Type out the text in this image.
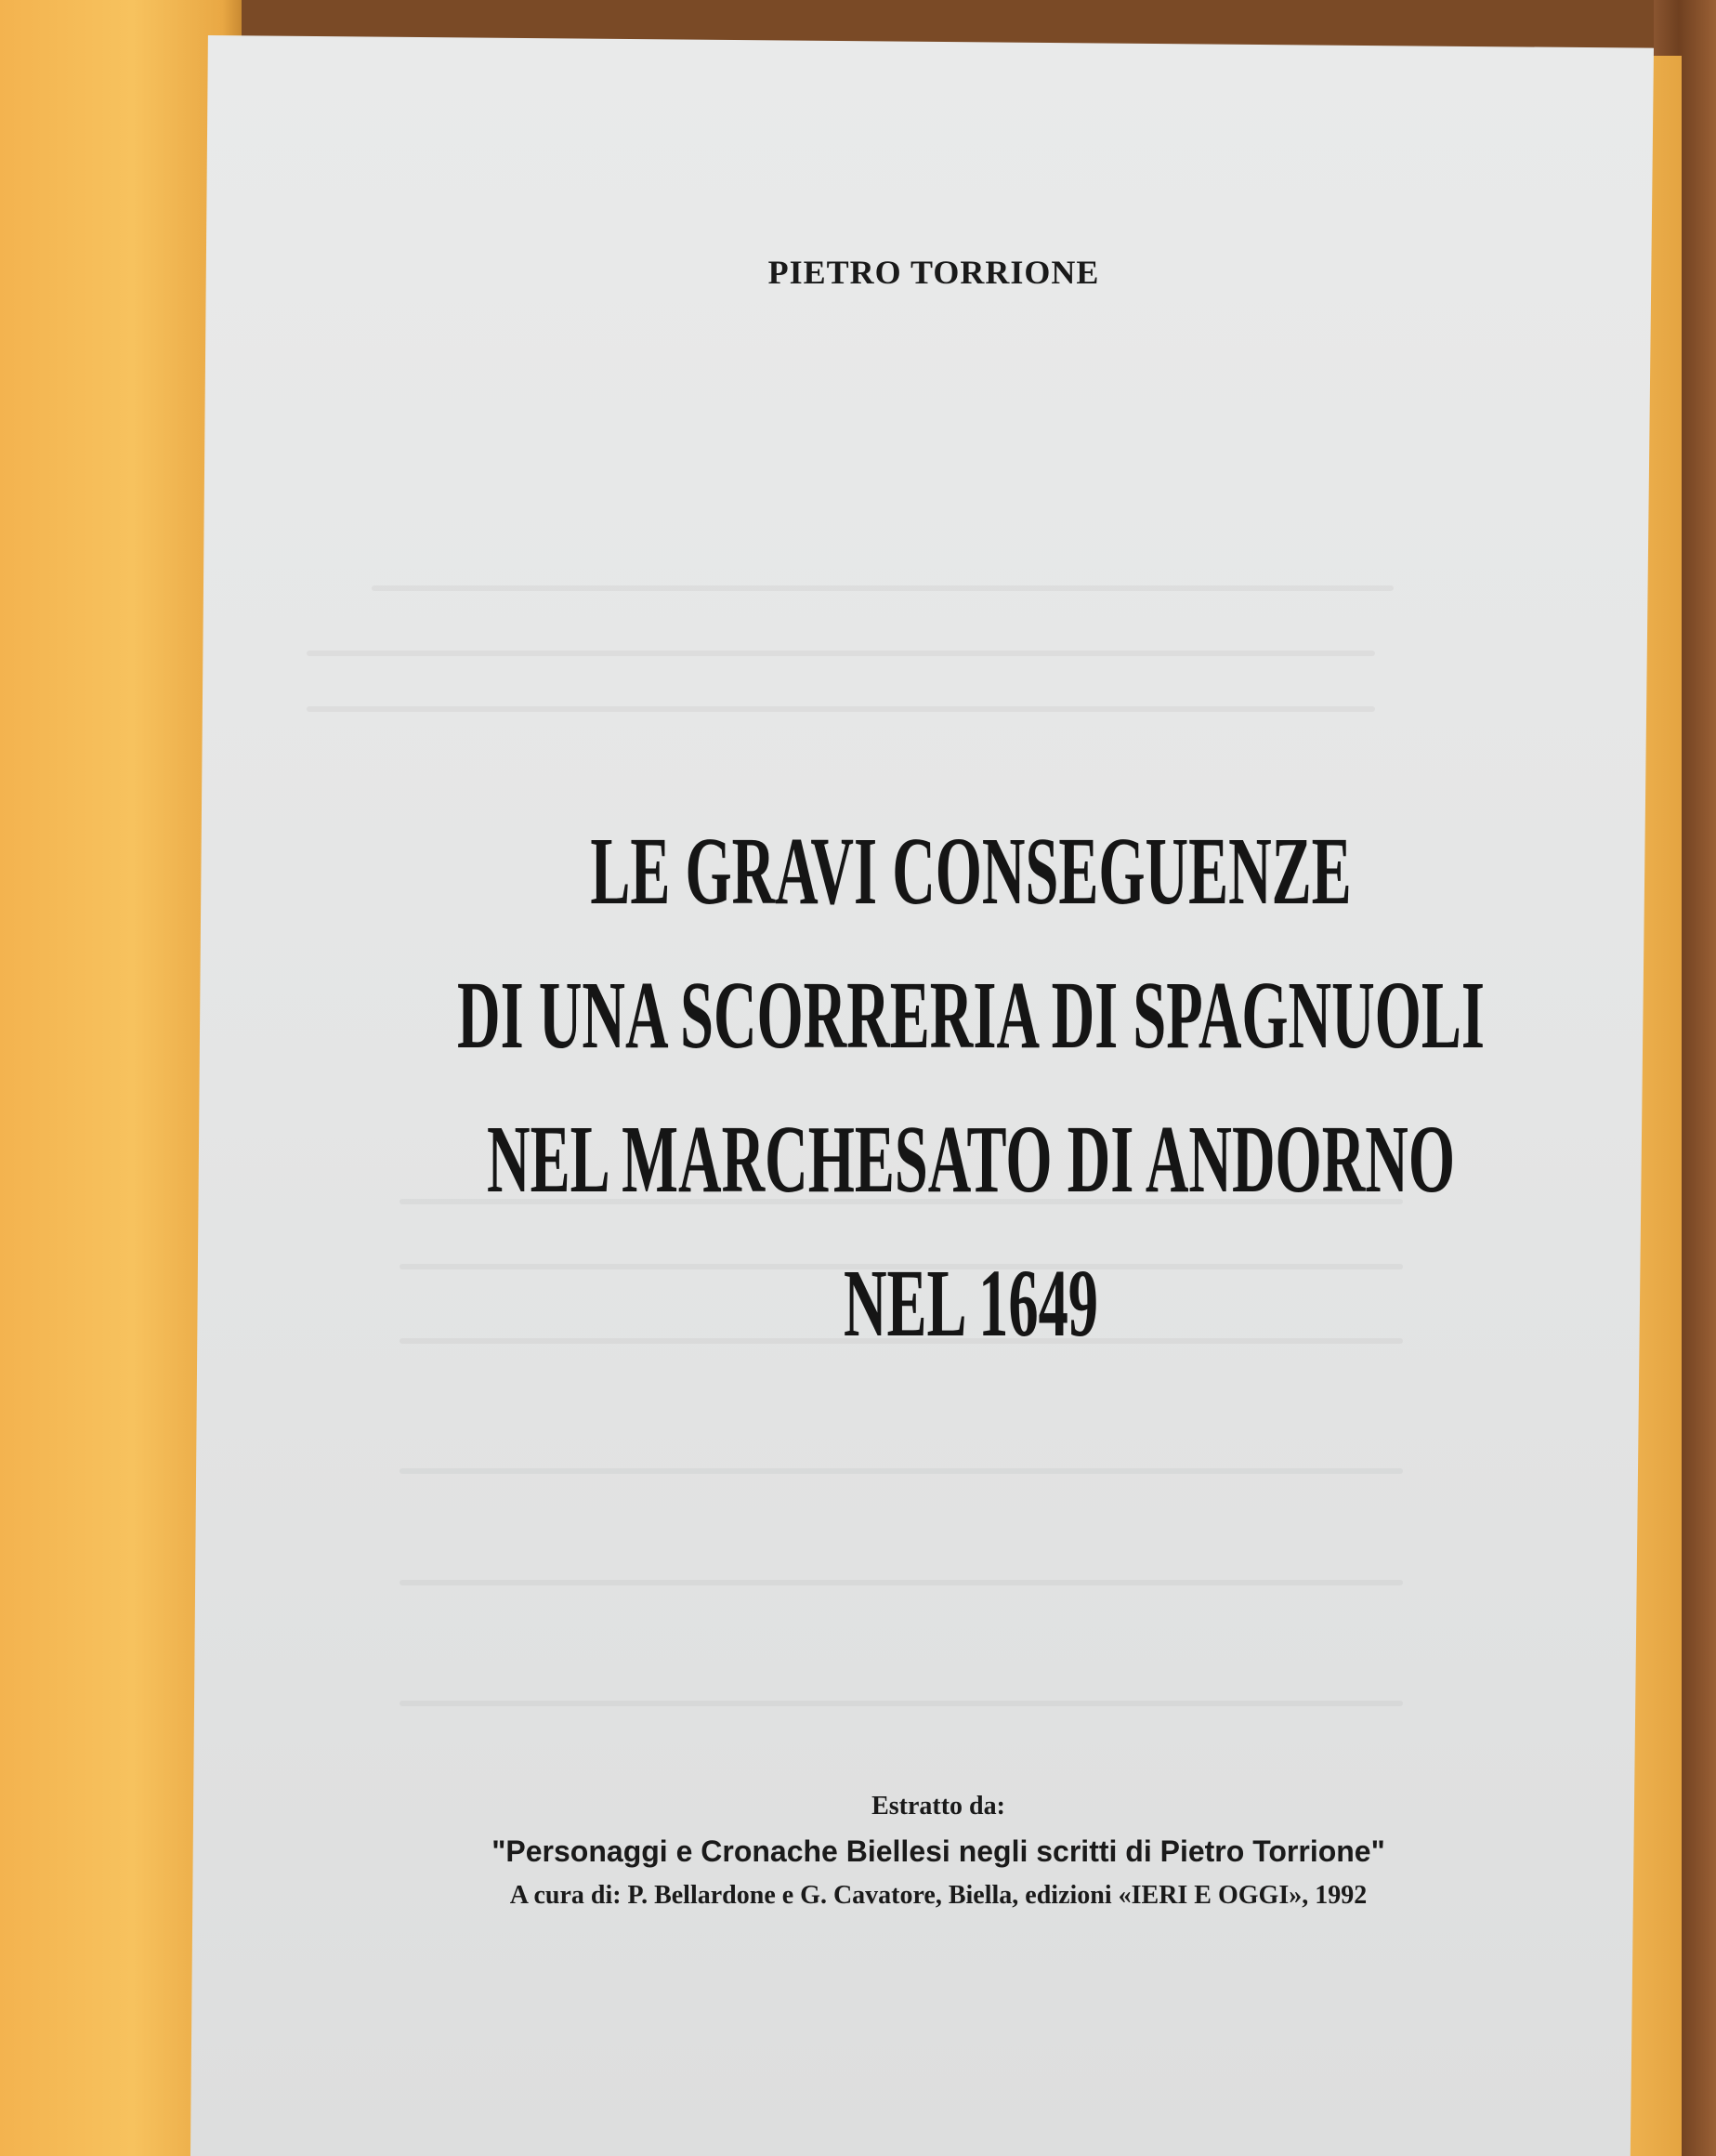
PIETRO TORRIONE
LE GRAVI CONSEGUENZE
DI UNA SCORRERIA DI SPAGNUOLI
NEL MARCHESATO DI ANDORNO
NEL 1649
Estratto da:
"Personaggi e Cronache Biellesi negli scritti di Pietro Torrione"
A cura di: P. Bellardone e G. Cavatore, Biella, edizioni «IERI E OGGI», 1992
